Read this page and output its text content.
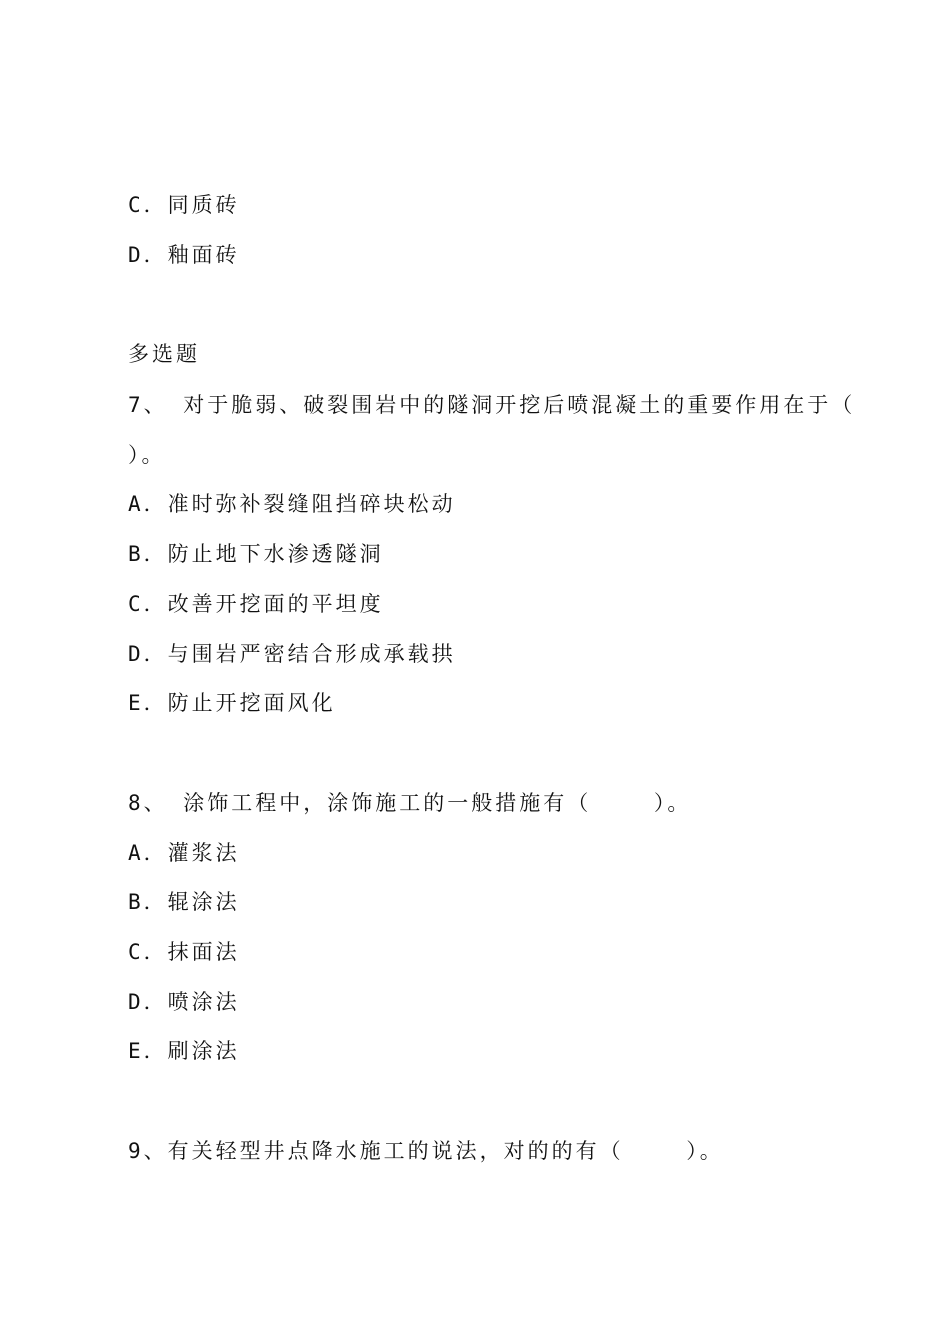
C．同质砖
D．釉面砖
多选题
7、 对于脆弱、破裂围岩中的隧洞开挖后喷混凝土的重要作用在于（
）。
A．准时弥补裂缝阻挡碎块松动
B．防止地下水渗透隧洞
C．改善开挖面的平坦度
D．与围岩严密结合形成承载拱
E．防止开挖面风化
8、 涂饰工程中，涂饰施工的一般措施有（    ）。
A．灌浆法
B．辊涂法
C．抹面法
D．喷涂法
E．刷涂法
9、有关轻型井点降水施工的说法，对的的有（    ）。
